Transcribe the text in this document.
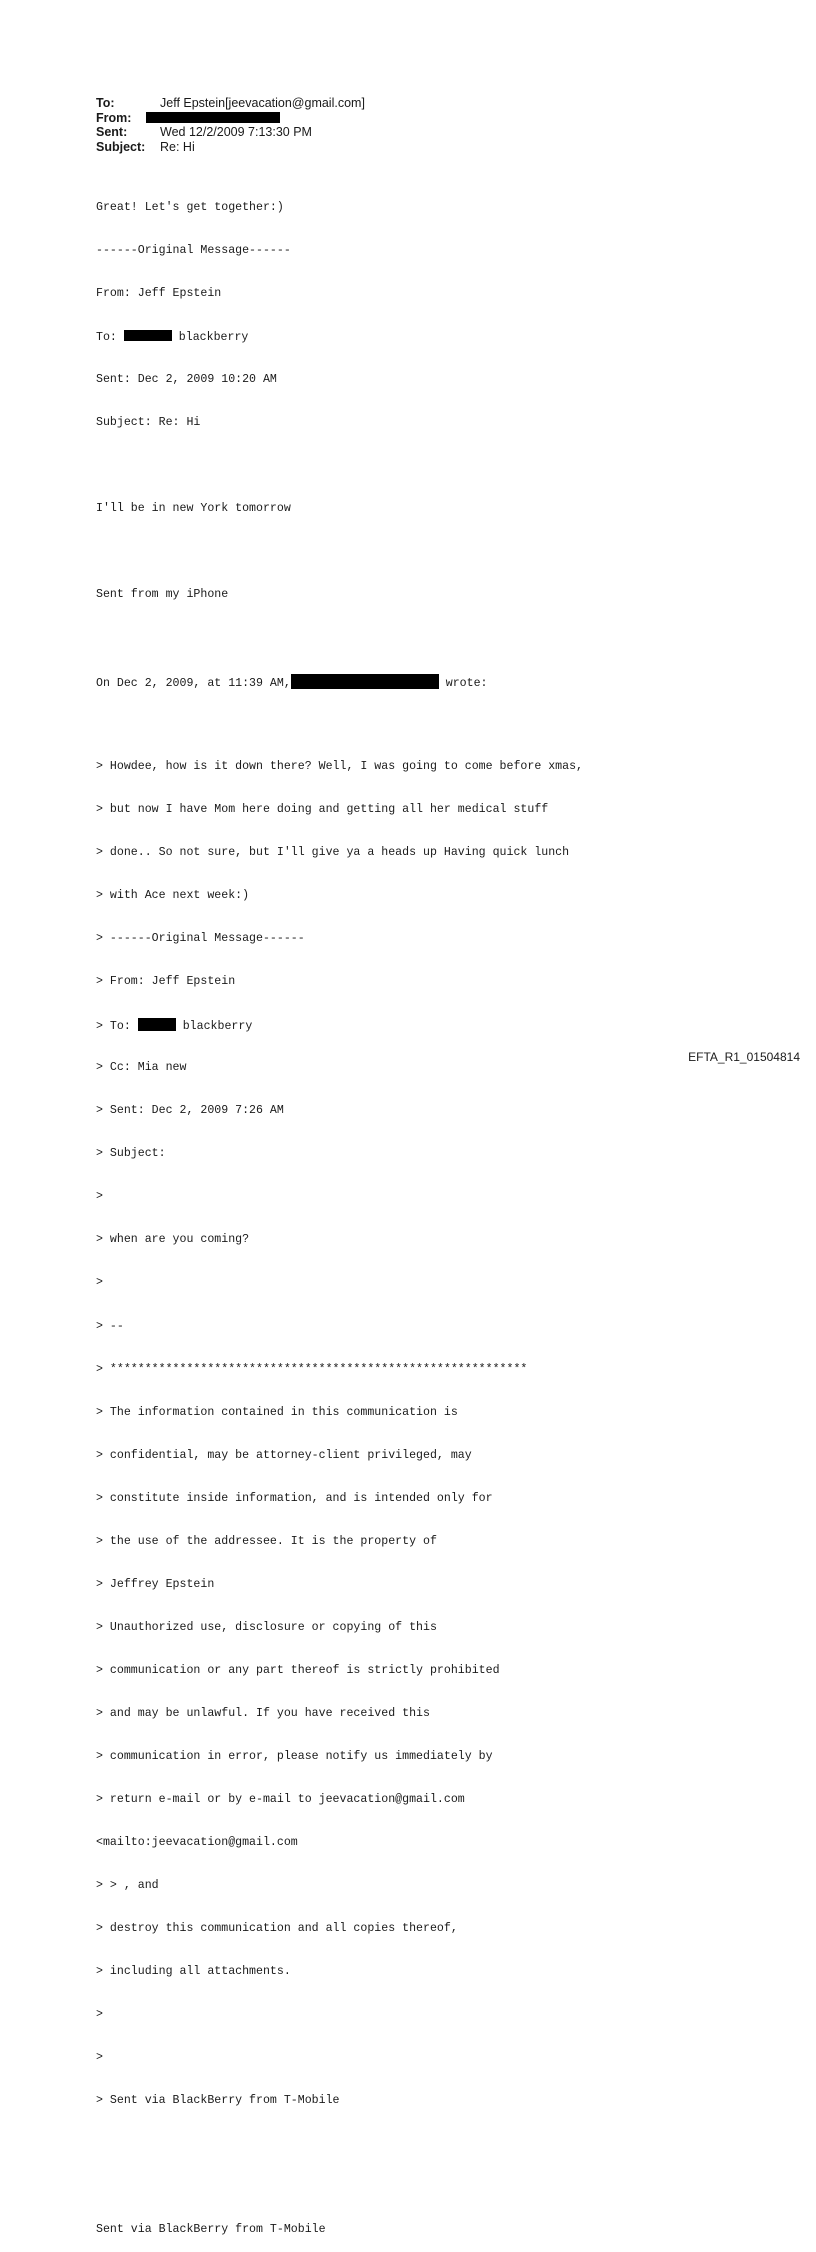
To:	Jeff Epstein[jeevacation@gmail.com]
From:
Sent:	Wed 12/2/2009 7:13:30 PM
Subject:	Re: Hi

Great! Let's get together:)

------Original Message------

From: Jeff Epstein

To:	blackberry

Sent: Dec 2, 2009 10:20 AM

Subject: Re: Hi

I'll be in new York tomorrow

Sent from my iPhone

On Dec 2, 2009, at 11:39 AM,	wrote:

> Howdee, how is it down there? Well, I was going to come before xmas,

> but now I have Mom here doing and getting all her medical stuff

> done.. So not sure, but I'll give ya a heads up Having quick lunch

> with Ace next week:)

> ------Original Message------

> From: Jeff Epstein

> To:	blackberry

> Cc: Mia new

> Sent: Dec 2, 2009 7:26 AM

> Subject:

>

> when are you coming?

>

> --

> ************************************************************

> The information contained in this communication is

> confidential, may be attorney-client privileged, may

> constitute inside information, and is intended only for

> the use of the addressee. It is the property of

> Jeffrey Epstein

> Unauthorized use, disclosure or copying of this

> communication or any part thereof is strictly prohibited

> and may be unlawful. If you have received this

> communication in error, please notify us immediately by

> return e-mail or by e-mail to jeevacation@gmail.com

<mailto:jeevacation@gmail.com

> > , and

> destroy this communication and all copies thereof,

> including all attachments.

>

>

> Sent via BlackBerry from T-Mobile

Sent via BlackBerry from T-Mobile

EFTA_R1_01504814
